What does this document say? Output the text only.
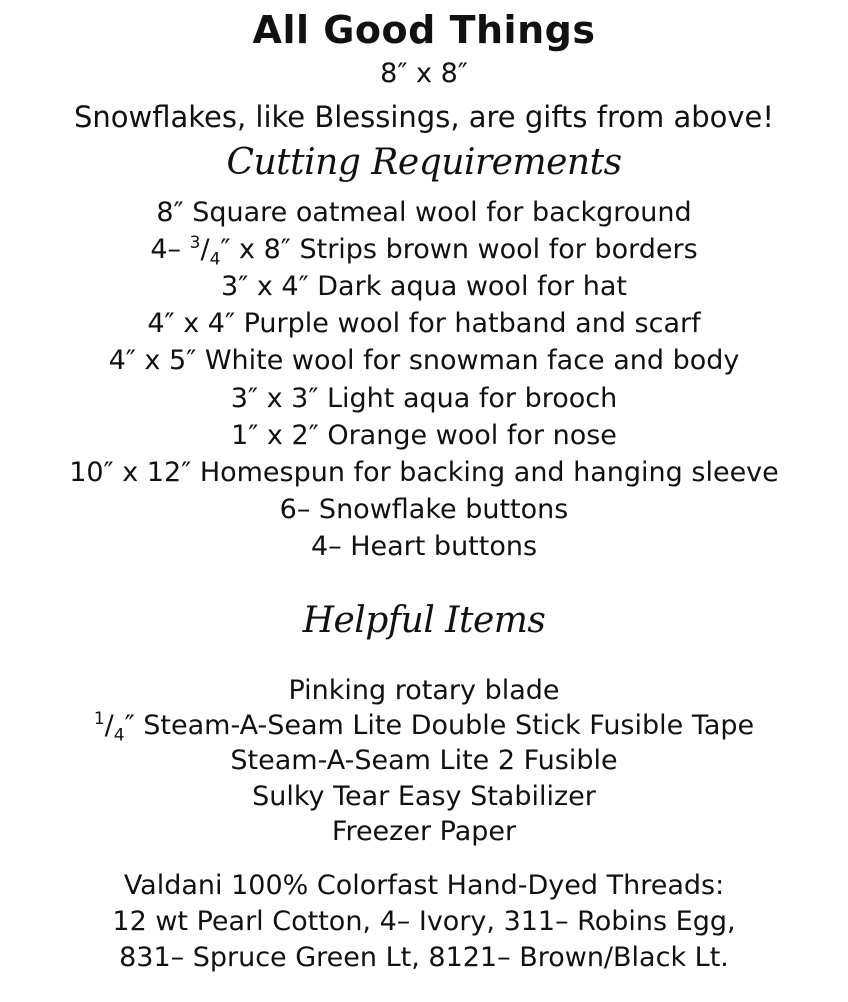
All Good Things
8″ x 8″
Snowflakes, like Blessings, are gifts from above!
Cutting Requirements
8″ Square oatmeal wool for background
4– $^3/_4''$ x 8″ Strips brown wool for borders
3″ x 4″ Dark aqua wool for hat
4″ x 4″ Purple wool for hatband and scarf
4″ x 5″ White wool for snowman face and body
3″ x 3″ Light aqua for brooch
1″ x 2″ Orange wool for nose
10″ x 12″ Homespun for backing and hanging sleeve
6– Snowflake buttons
4– Heart buttons
Helpful Items
Pinking rotary blade
$^1/_4''$ Steam-A-Seam Lite Double Stick Fusible Tape
Steam-A-Seam Lite 2 Fusible
Sulky Tear Easy Stabilizer
Freezer Paper
Valdani 100% Colorfast Hand-Dyed Threads:
12 wt Pearl Cotton, 4– Ivory, 311– Robins Egg,
831– Spruce Green Lt, 8121– Brown/Black Lt.
